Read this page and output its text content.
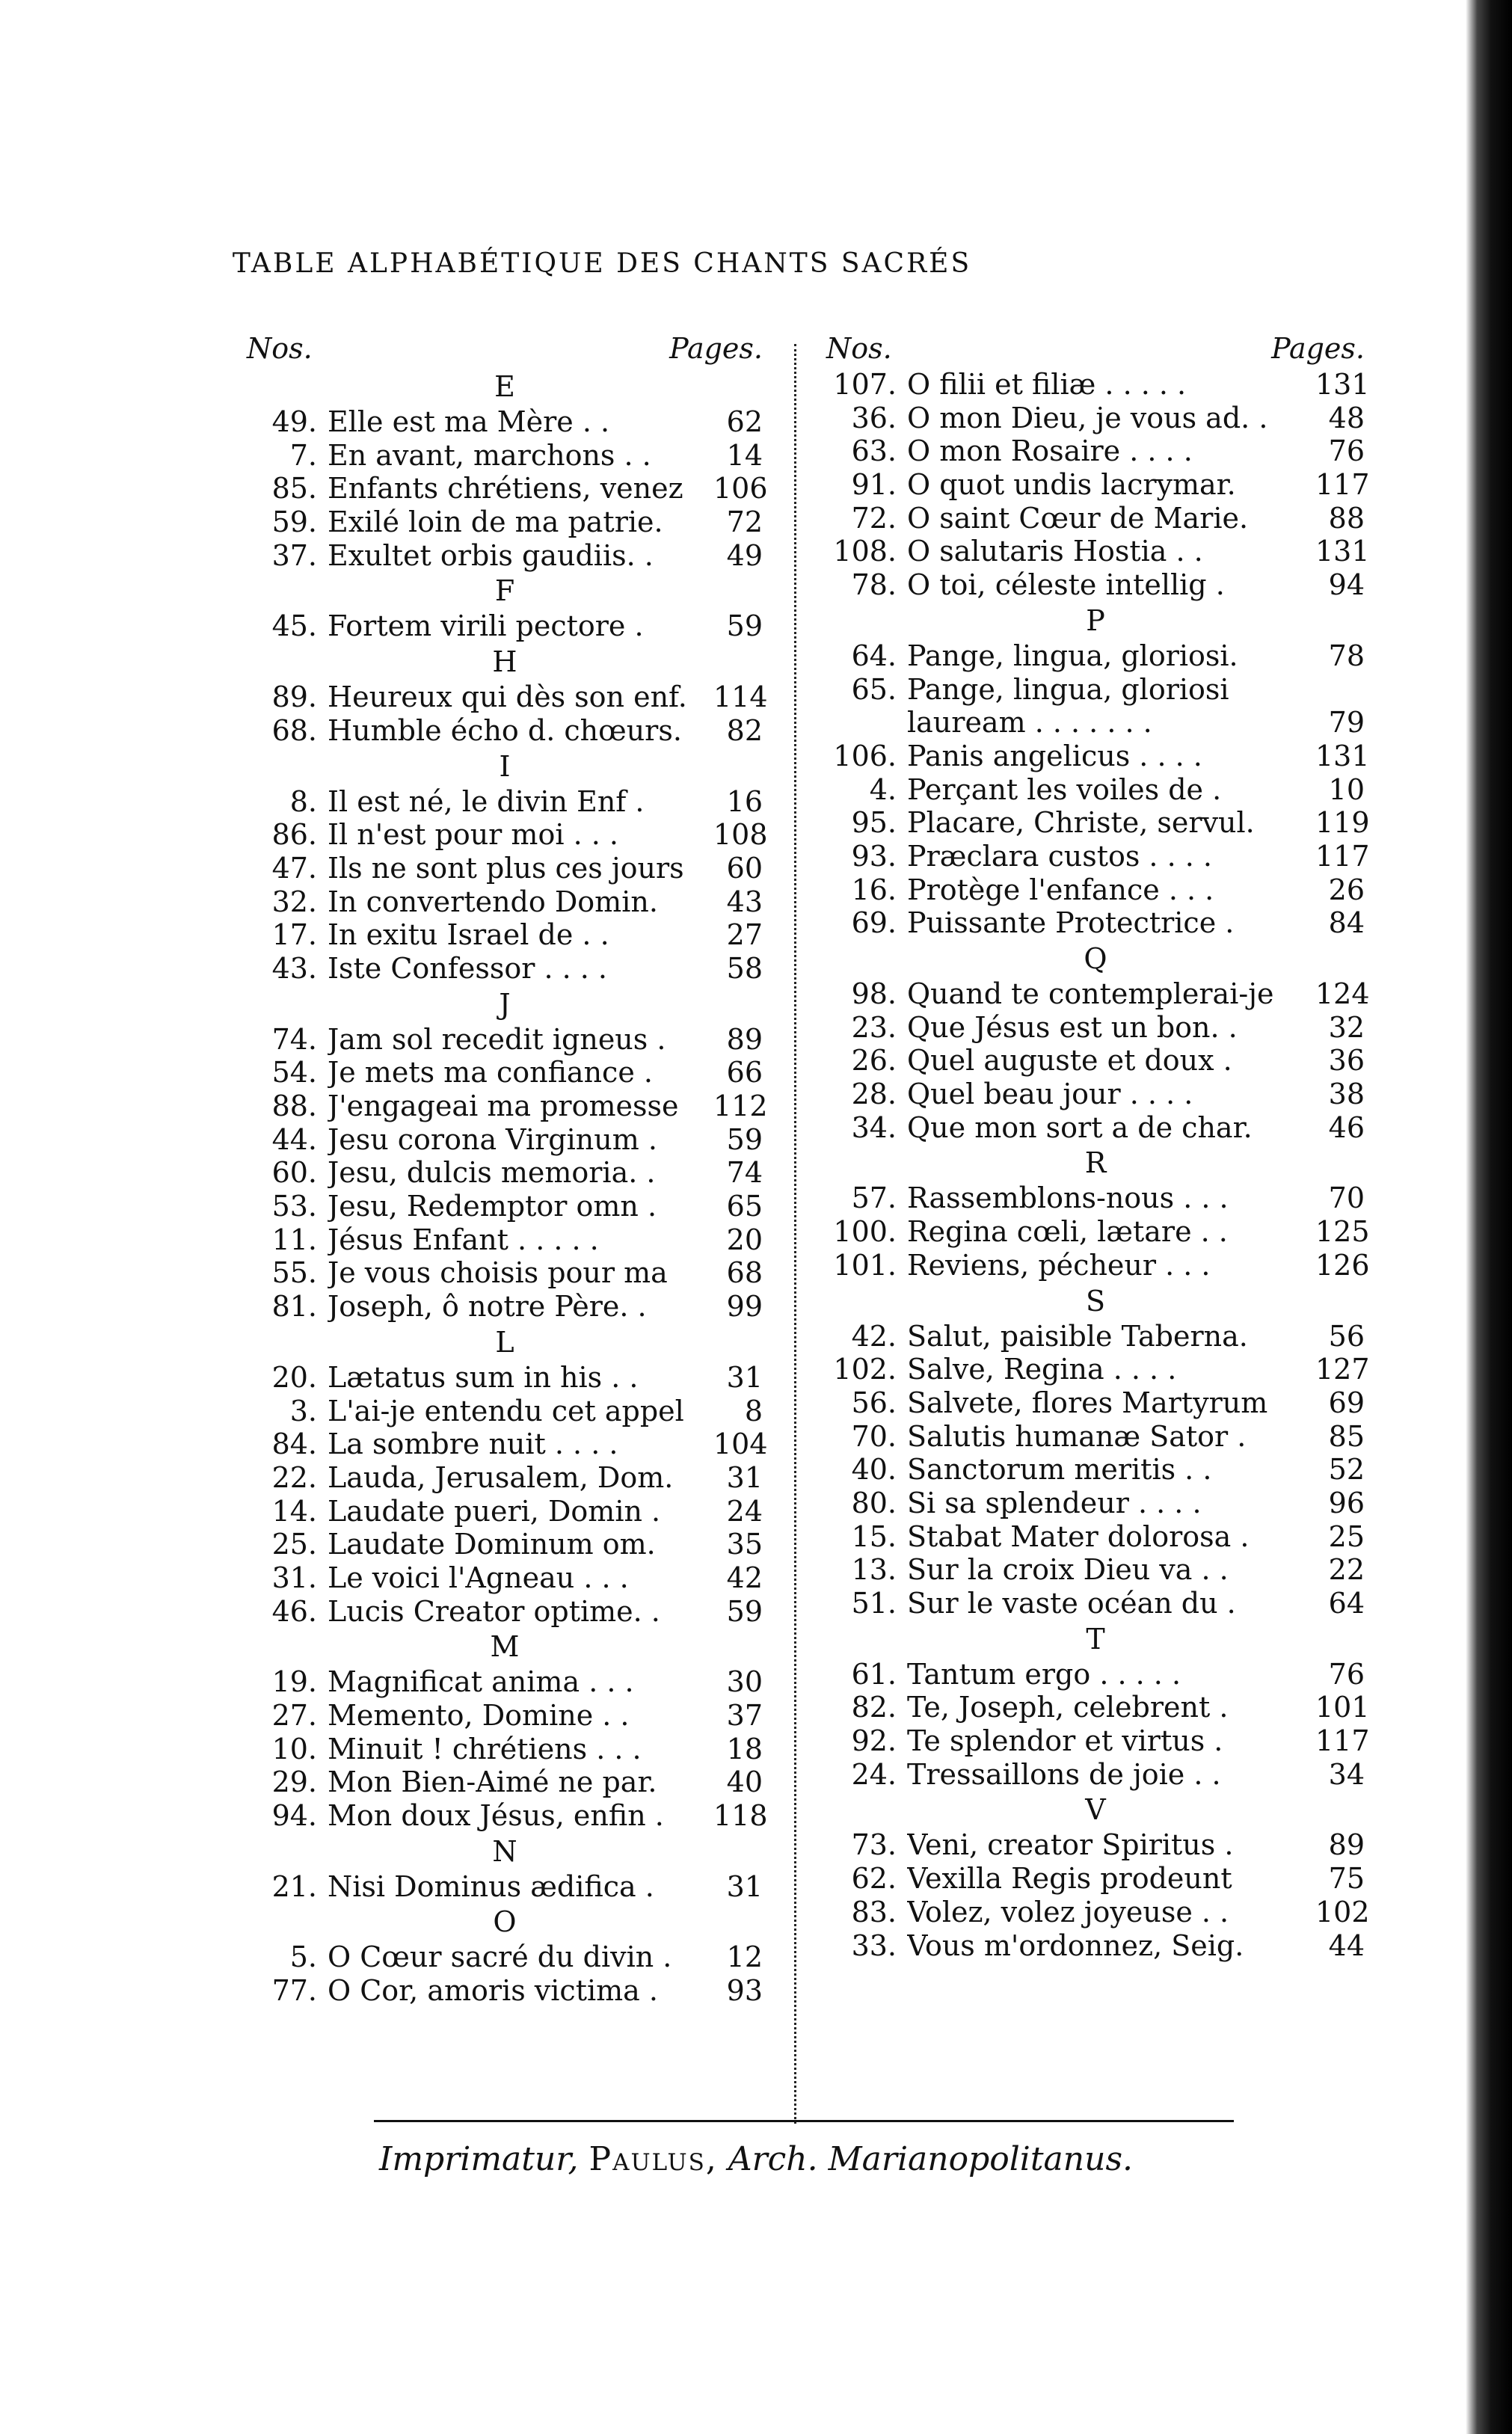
TABLE ALPHABÉTIQUE DES CHANTS SACRÉS
Nos.	Pages.
E
49. Elle est ma Mère . .	62
7. En avant, marchons . .	14
85. Enfants chrétiens, venez	106
59. Exilé loin de ma patrie.	72
37. Exultet orbis gaudiis. .	49
F
45. Fortem virili pectore .	59
H
89. Heureux qui dès son enf. 114
68. Humble écho d. chœurs.	82
I
8. Il est né, le divin Enf .	16
86. Il n'est pour moi . . .	108
47. Ils ne sont plus ces jours	60
32. In convertendo Domin.	43
17. In exitu Israel de . .	27
43. Iste Confessor . . . .	58
J
74. Jam sol recedit igneus .	89
54. Je mets ma confiance .	66
88. J'engageai ma promesse	112
44. Jesu corona Virginum .	59
60. Jesu, dulcis memoria. .	74
53. Jesu, Redemptor omn .	65
11. Jésus Enfant . . . . .	20
55. Je vous choisis pour ma	68
81. Joseph, ô notre Père. .	99
L
20. Lætatus sum in his . .	31
3. L'ai-je entendu cet appel	8
84. La sombre nuit . . . .	104
22. Lauda, Jerusalem, Dom.	31
14. Laudate pueri, Domin .	24
25. Laudate Dominum om.	35
31. Le voici l'Agneau . . .	42
46. Lucis Creator optime. .	59
M
19. Magnificat anima . . .	30
27. Memento, Domine . .	37
10. Minuit ! chrétiens . . .	18
29. Mon Bien-Aimé ne par.	40
94. Mon doux Jésus, enfin .	118
N
21. Nisi Dominus ædifica .	31
O
5. O Cœur sacré du divin .	12
77. O Cor, amoris victima .	93
Nos.	Pages.
107. O filii et filiæ . . . . .	131
36. O mon Dieu, je vous ad. .	48
63. O mon Rosaire . . . .	76
91. O quot undis lacrymar.	117
72. O saint Cœur de Marie.	88
108. O salutaris Hostia . .	131
78. O toi, céleste intellig .	94
P
64. Pange, lingua, gloriosi.	78
65. Pange, lingua, gloriosi
lauream . . . . . . .	79
106. Panis angelicus . . . .	131
4. Perçant les voiles de .	10
95. Placare, Christe, servul.	119
93. Præclara custos . . . .	117
16. Protège l'enfance . . .	26
69. Puissante Protectrice .	84
Q
98. Quand te contemplerai-je	124
23. Que Jésus est un bon. .	32
26. Quel auguste et doux .	36
28. Quel beau jour . . . .	38
34. Que mon sort a de char.	46
R
57. Rassemblons-nous . . .	70
100. Regina cœli, lætare . .	125
101. Reviens, pécheur . . .	126
S
42. Salut, paisible Taberna.	56
102. Salve, Regina . . . .	127
56. Salvete, flores Martyrum	69
70. Salutis humanæ Sator .	85
40. Sanctorum meritis . .	52
80. Si sa splendeur . . . .	96
15. Stabat Mater dolorosa .	25
13. Sur la croix Dieu va . .	22
51. Sur le vaste océan du .	64
T
61. Tantum ergo . . . . .	76
82. Te, Joseph, celebrent .	101
92. Te splendor et virtus .	117
24. Tressaillons de joie . .	34
V
73. Veni, creator Spiritus .	89
62. Vexilla Regis prodeunt	75
83. Volez, volez joyeuse . .	102
33. Vous m'ordonnez, Seig.	44
Imprimatur, Paulus, Arch. Marianopolitanus.
